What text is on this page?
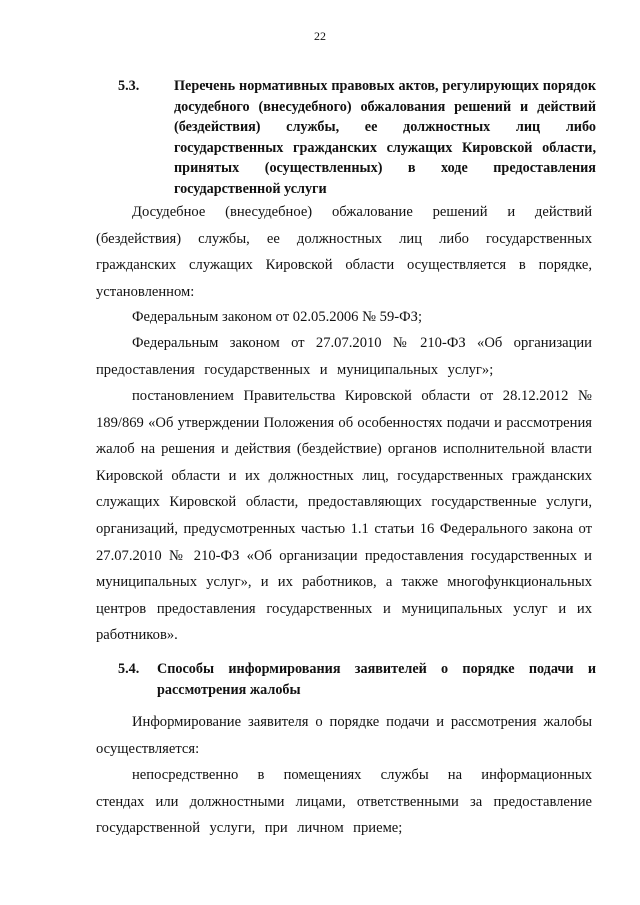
22
5.3. Перечень нормативных правовых актов, регулирующих порядок досудебного (внесудебного) обжалования решений и действий (бездействия) службы, ее должностных лиц либо государственных гражданских служащих Кировской области, принятых (осуществленных) в ходе предоставления государственной услуги

Досудебное (внесудебное) обжалование решений и действий (бездействия) службы, ее должностных лиц либо государственных гражданских служащих Кировской области осуществляется в порядке, установленном:

Федеральным законом от 02.05.2006 № 59-ФЗ;

Федеральным законом от 27.07.2010 № 210-ФЗ «Об организации предоставления государственных и муниципальных услуг»;

постановлением Правительства Кировской области от 28.12.2012 № 189/869 «Об утверждении Положения об особенностях подачи и рассмотрения жалоб на решения и действия (бездействие) органов исполнительной власти Кировской области и их должностных лиц, государственных гражданских служащих Кировской области, предоставляющих государственные услуги, организаций, предусмотренных частью 1.1 статьи 16 Федерального закона от 27.07.2010 № 210-ФЗ «Об организации предоставления государственных и муниципальных услуг», и их работников, а также многофункциональных центров предоставления государственных и муниципальных услуг и их работников».

5.4. Способы информирования заявителей о порядке подачи и рассмотрения жалобы

Информирование заявителя о порядке подачи и рассмотрения жалобы осуществляется:

непосредственно в помещениях службы на информационных стендах или должностными лицами, ответственными за предоставление государственной услуги, при личном приеме;
